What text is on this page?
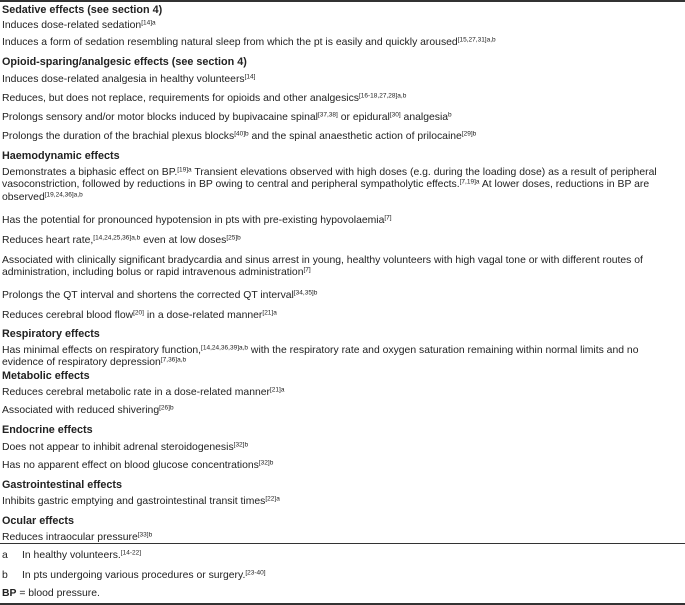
Sedative effects (see section 4)
Induces dose-related sedation$^{[14]a}$
Induces a form of sedation resembling natural sleep from which the pt is easily and quickly aroused$^{[15,27,31]a,b}$
Opioid-sparing/analgesic effects (see section 4)
Induces dose-related analgesia in healthy volunteers[14]
Reduces, but does not replace, requirements for opioids and other analgesics$^{[16-18,27,28]a,b}$
Prolongs sensory and/or motor blocks induced by bupivacaine spinal[37,38] or epidural[30] analgesia$^b$
Prolongs the duration of the brachial plexus blocks$^{[40]b}$ and the spinal anaesthetic action of prilocaine$^{[29]b}$
Haemodynamic effects
Demonstrates a biphasic effect on BP.$^{[19]a}$ Transient elevations observed with high doses (e.g. during the loading dose) as a result of peripheral vasoconstriction, followed by reductions in BP owing to central and peripheral sympatholytic effects.$^{[7,19]a}$ At lower doses, reductions in BP are observed$^{[19,24,36]a,b}$
Has the potential for pronounced hypotension in pts with pre-existing hypovolaemia[7]
Reduces heart rate,$^{[14,24,25,36]a,b}$ even at low doses$^{[25]b}$
Associated with clinically significant bradycardia and sinus arrest in young, healthy volunteers with high vagal tone or with different routes of administration, including bolus or rapid intravenous administration[7]
Prolongs the QT interval and shortens the corrected QT interval$^{[34,35]b}$
Reduces cerebral blood flow[20] in a dose-related manner$^{[21]a}$
Respiratory effects
Has minimal effects on respiratory function,$^{[14,24,36,39]a,b}$ with the respiratory rate and oxygen saturation remaining within normal limits and no evidence of respiratory depression$^{[7,36]a,b}$
Metabolic effects
Reduces cerebral metabolic rate in a dose-related manner$^{[21]a}$
Associated with reduced shivering$^{[26]b}$
Endocrine effects
Does not appear to inhibit adrenal steroidogenesis$^{[32]b}$
Has no apparent effect on blood glucose concentrations$^{[32]b}$
Gastrointestinal effects
Inhibits gastric emptying and gastrointestinal transit times$^{[22]a}$
Ocular effects
Reduces intraocular pressure$^{[33]b}$
a In healthy volunteers.[14-22]
b In pts undergoing various procedures or surgery.[23-40]
BP = blood pressure.
